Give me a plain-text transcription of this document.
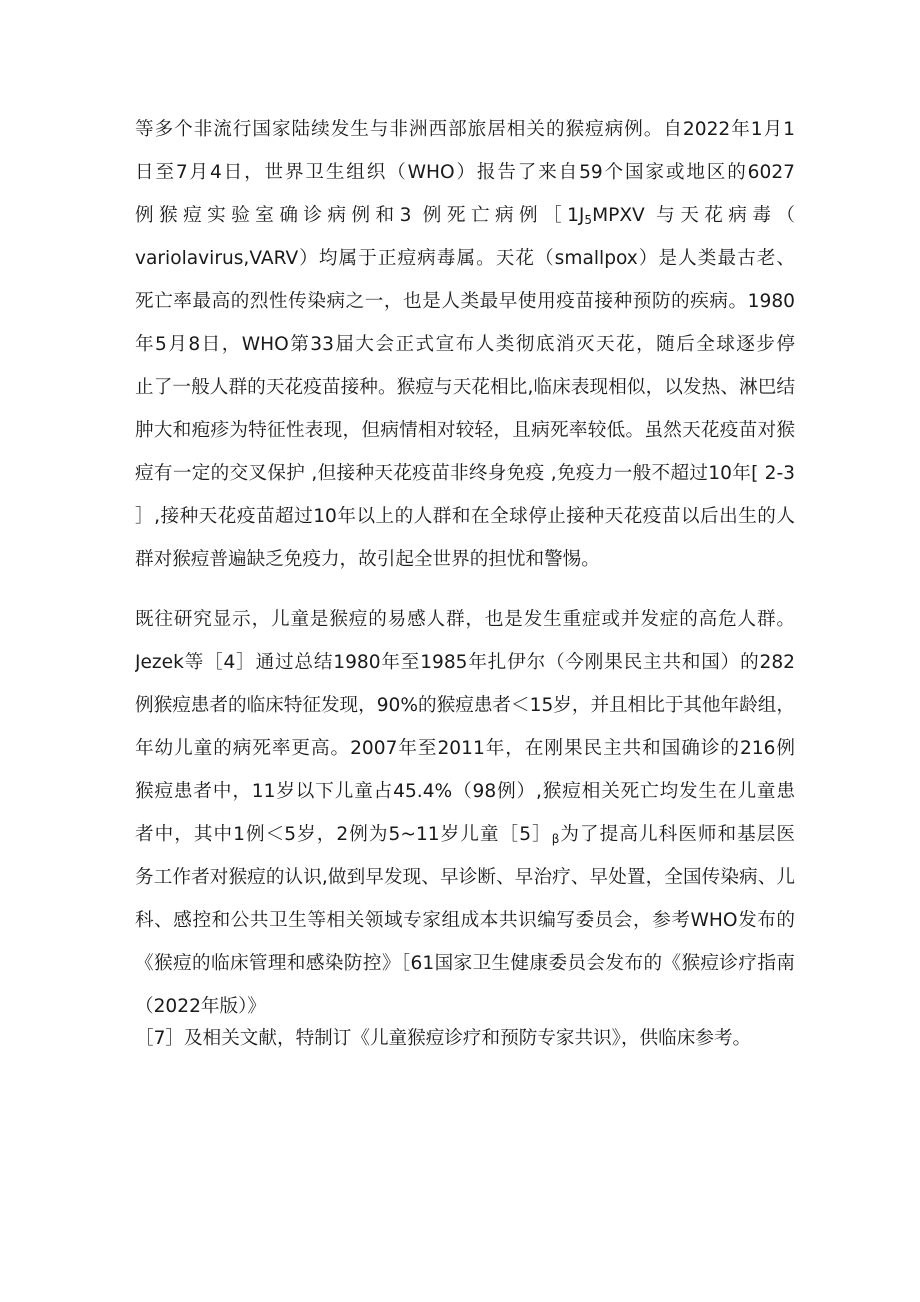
等多个非流行国家陆续发生与非洲西部旅居相关的猴痘病例。自2022年1月1
日至7月4日，世界卫生组织（WHO）报告了来自59个国家或地区的6027
例猴痘实验室确诊病例和3 例死亡病例$[1J_5MPXV$ 与天花病毒（
variolavirus,VARV）均属于正痘病毒属。天花（smallpox）是人类最古老、
死亡率最高的烈性传染病之一，也是人类最早使用疫苗接种预防的疾病。1980
年5月8日，WHO第33届大会正式宣布人类彻底消灭天花，随后全球逐步停
止了一般人群的天花疫苗接种。猴痘与天花相比,临床表现相似，以发热、淋巴结
肿大和疱疹为特征性表现，但病情相对较轻，且病死率较低。虽然天花疫苗对猴
痘有一定的交叉保护 ,但接种天花疫苗非终身免疫 ,免疫力一般不超过10年[ 2-3
］,接种天花疫苗超过10年以上的人群和在全球停止接种天花疫苗以后出生的人
群对猴痘普遍缺乏免疫力，故引起全世界的担忧和警惕。
既往研究显示，儿童是猴痘的易感人群，也是发生重症或并发症的高危人群。
Jezek等［4］通过总结1980年至1985年扎伊尔（今刚果民主共和国）的282
例猴痘患者的临床特征发现，90%的猴痘患者＜15岁，并且相比于其他年龄组，
年幼儿童的病死率更高。2007年至2011年，在刚果民主共和国确诊的216例
猴痘患者中，11岁以下儿童占45.4%（98例）,猴痘相关死亡均发生在儿童患
者中，其中1例＜5岁，2例为5~11岁儿童$[5]_\beta$为了提高儿科医师和基层医
务工作者对猴痘的认识,做到早发现、早诊断、早治疗、早处置，全国传染病、儿
科、感控和公共卫生等相关领域专家组成本共识编写委员会，参考WHO发布的
《猴痘的临床管理和感染防控》［61国家卫生健康委员会发布的《猴痘诊疗指南
（2022年版）》
［7］及相关文献，特制订《儿童猴痘诊疗和预防专家共识》，供临床参考。
